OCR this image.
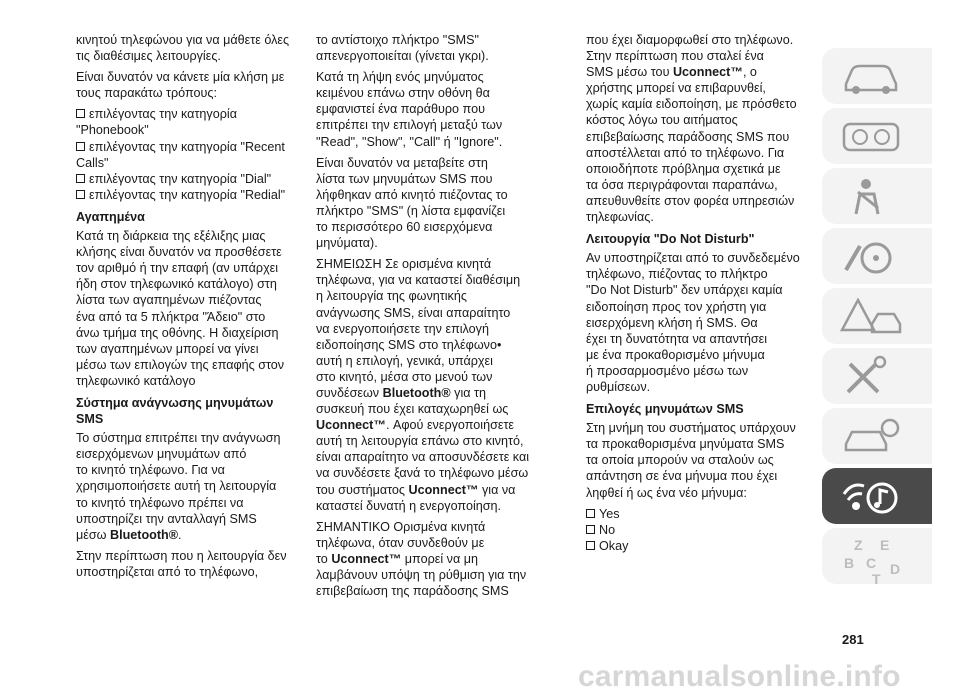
κινητού τηλεφώνου για να μάθετε όλες
τις διαθέσιμες λειτουργίες.
Είναι δυνατόν να κάνετε μία κλήση με
τους παρακάτω τρόπους:
επιλέγοντας την κατηγορία
"Phonebook"
επιλέγοντας την κατηγορία "Recent
Calls"
επιλέγοντας την κατηγορία "Dial"
επιλέγοντας την κατηγορία "Redial"
Αγαπημένα
Κατά τη διάρκεια της εξέλιξης μιας
κλήσης είναι δυνατόν να προσθέσετε
τον αριθμό ή την επαφή (αν υπάρχει
ήδη στον τηλεφωνικό κατάλογο) στη
λίστα των αγαπημένων πιέζοντας
ένα από τα 5 πλήκτρα "Άδειο" στο
άνω τμήμα της οθόνης. Η διαχείριση
των αγαπημένων μπορεί να γίνει
μέσω των επιλογών της επαφής στον
τηλεφωνικό κατάλογο
Σύστημα ανάγνωσης μηνυμάτων
SMS
Το σύστημα επιτρέπει την ανάγνωση
εισερχόμενων μηνυμάτων από
το κινητό τηλέφωνο. Για να
χρησιμοποιήσετε αυτή τη λειτουργία
το κινητό τηλέφωνο πρέπει να
υποστηρίζει την ανταλλαγή SMS
μέσω Bluetooth®.
Στην περίπτωση που η λειτουργία δεν
υποστηρίζεται από το τηλέφωνο,
το αντίστοιχο πλήκτρο "SMS"
απενεργοποιείται (γίνεται γκρι).
Κατά τη λήψη ενός μηνύματος
κειμένου επάνω στην οθόνη θα
εμφανιστεί ένα παράθυρο που
επιτρέπει την επιλογή μεταξύ των
"Read", "Show", "Call" ή "Ignore".
Είναι δυνατόν να μεταβείτε στη
λίστα των μηνυμάτων SMS που
λήφθηκαν από κινητό πιέζοντας το
πλήκτρο "SMS" (η λίστα εμφανίζει
το περισσότερο 60 εισερχόμενα
μηνύματα).
ΣΗΜΕΙΩΣΗ Σε ορισμένα κινητά
τηλέφωνα, για να καταστεί διαθέσιμη
η λειτουργία της φωνητικής
ανάγνωσης SMS, είναι απαραίτητο
να ενεργοποιήσετε την επιλογή
ειδοποίησης SMS στο τηλέφωνο•
αυτή η επιλογή, γενικά, υπάρχει
στο κινητό, μέσα στο μενού των
συνδέσεων Bluetooth® για τη
συσκευή που έχει καταχωρηθεί ως
Uconnect™. Αφού ενεργοποιήσετε
αυτή τη λειτουργία επάνω στο κινητό,
είναι απαραίτητο να αποσυνδέσετε και
να συνδέσετε ξανά το τηλέφωνο μέσω
του συστήματος Uconnect™ για να
καταστεί δυνατή η ενεργοποίηση.
ΣΗΜΑΝΤΙΚΟ Ορισμένα κινητά
τηλέφωνα, όταν συνδεθούν με
το Uconnect™ μπορεί να μη
λαμβάνουν υπόψη τη ρύθμιση για την
επιβεβαίωση της παράδοσης SMS
που έχει διαμορφωθεί στο τηλέφωνο.
Στην περίπτωση που σταλεί ένα
SMS μέσω του Uconnect™, ο
χρήστης μπορεί να επιβαρυνθεί,
χωρίς καμία ειδοποίηση, με πρόσθετο
κόστος λόγω του αιτήματος
επιβεβαίωσης παράδοσης SMS που
αποστέλλεται από το τηλέφωνο. Για
οποιοδήποτε πρόβλημα σχετικά με
τα όσα περιγράφονται παραπάνω,
απευθυνθείτε στον φορέα υπηρεσιών
τηλεφωνίας.
Λειτουργία "Do Not Disturb"
Αν υποστηρίζεται από το συνδεδεμένο
τηλέφωνο, πιέζοντας το πλήκτρο
"Do Not Disturb" δεν υπάρχει καμία
ειδοποίηση προς τον χρήστη για
εισερχόμενη κλήση ή SMS. Θα
έχει τη δυνατότητα να απαντήσει
με ένα προκαθορισμένο μήνυμα
ή προσαρμοσμένο μέσω των
ρυθμίσεων.
Επιλογές μηνυμάτων SMS
Στη μνήμη του συστήματος υπάρχουν
τα προκαθορισμένα μηνύματα SMS
τα οποία μπορούν να σταλούν ως
απάντηση σε ένα μήνυμα που έχει
ληφθεί ή ως ένα νέο μήνυμα:
Yes
No
Okay	Z E
B C
T
D
281
carmanualsonline.info
